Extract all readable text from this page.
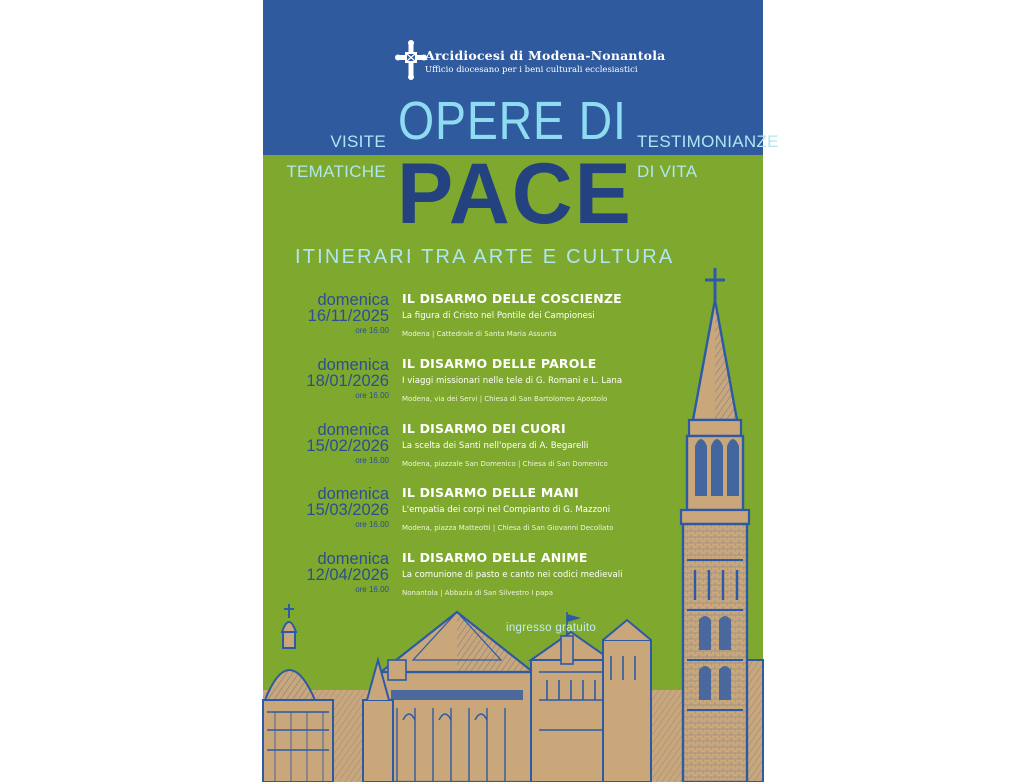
Arcidiocesi di Modena-Nonantola

Ufficio diocesano per i beni culturali ecclesiastici

VISITE

TEMATICHE

TESTIMONIANZE

DI VITA

OPERE DI

PACE

ITINERARI TRA ARTE E CULTURA

domenica
16/11/2025
ore 16.00
IL DISARMO DELLE COSCIENZE
La figura di Cristo nel Pontile dei Campionesi
Modena | Cattedrale di Santa Maria Assunta
domenica
18/01/2026
ore 16.00
IL DISARMO DELLE PAROLE
I viaggi missionari nelle tele di G. Romani e L. Lana
Modena, via dei Servi | Chiesa di San Bartolomeo Apostolo
domenica
15/02/2026
ore 16.00
IL DISARMO DEI CUORI
La scelta dei Santi nell'opera di A. Begarelli
Modena, piazzale San Domenico | Chiesa di San Domenico
domenica
15/03/2026
ore 16.00
IL DISARMO DELLE MANI
L'empatia dei corpi nel Compianto di G. Mazzoni
Modena, piazza Matteotti | Chiesa di San Giovanni Decollato
domenica
12/04/2026
ore 16.00
IL DISARMO DELLE ANIME
La comunione di pasto e canto nei codici medievali
Nonantola | Abbazia di San Silvestro I papa

ingresso gratuito
